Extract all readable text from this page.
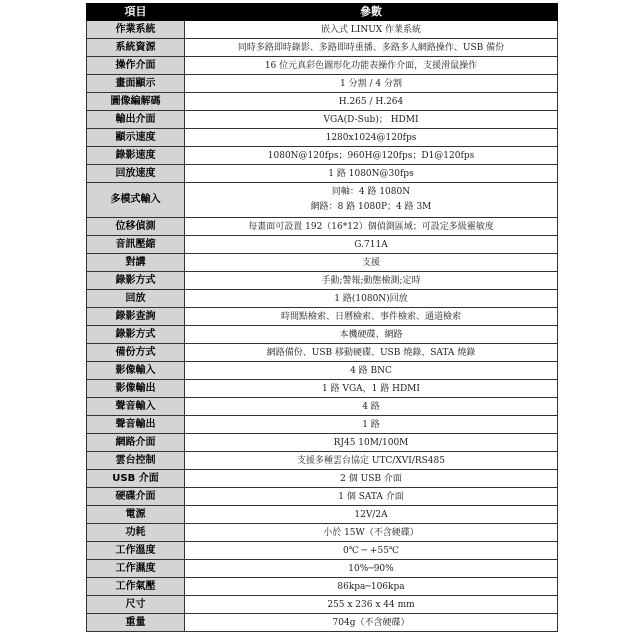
項目	參數
作業系統	嵌入式 LINUX 作業系統
系統資源	同時多路即時錄影、多路即時重播、多路多人網路操作、USB 備份
操作介面	16 位元真彩色圖形化功能表操作介面，支援滑鼠操作
畫面顯示	1 分割 / 4 分割
圖像編解碼	H.265 / H.264
輸出介面	VGA(D-Sub)； HDMI
顯示速度	1280x1024@120fps
錄影速度	1080N@120fps；960H@120fps；D1@120fps
回放速度	1 路 1080N@30fps
多模式輸入	同軸：4 路 1080N
網路：8 路 1080P；4 路 3M

位移偵測	每畫面可設置 192（16*12）個偵測區域；可設定多級靈敏度
音訊壓縮	G.711A
對講	支援
錄影方式	手動;警報;動態檢測;定時
回放	1 路(1080N)回放
錄影查詢	時間點檢索、日曆檢索、事件檢索、通道檢索
錄影方式	本機硬碟、網路
備份方式	網路備份、USB 移動硬碟、USB 燒錄、SATA 燒錄
影像輸入	4 路 BNC
影像輸出	1 路 VGA，1 路 HDMI
聲音輸入	4 路
聲音輸出	1 路
網路介面	RJ45 10M/100M
雲台控制	支援多種雲台協定 UTC/XVI/RS485
USB 介面	2 個 USB 介面
硬碟介面	1 個 SATA 介面
電源	12V/2A
功耗	小於 15W（不含硬碟）
工作溫度	0℃ ─ +55℃
工作濕度	10%─90%
工作氣壓	86kpa─106kpa
尺寸	255 x 236 x 44 mm
重量	704g（不含硬碟）
